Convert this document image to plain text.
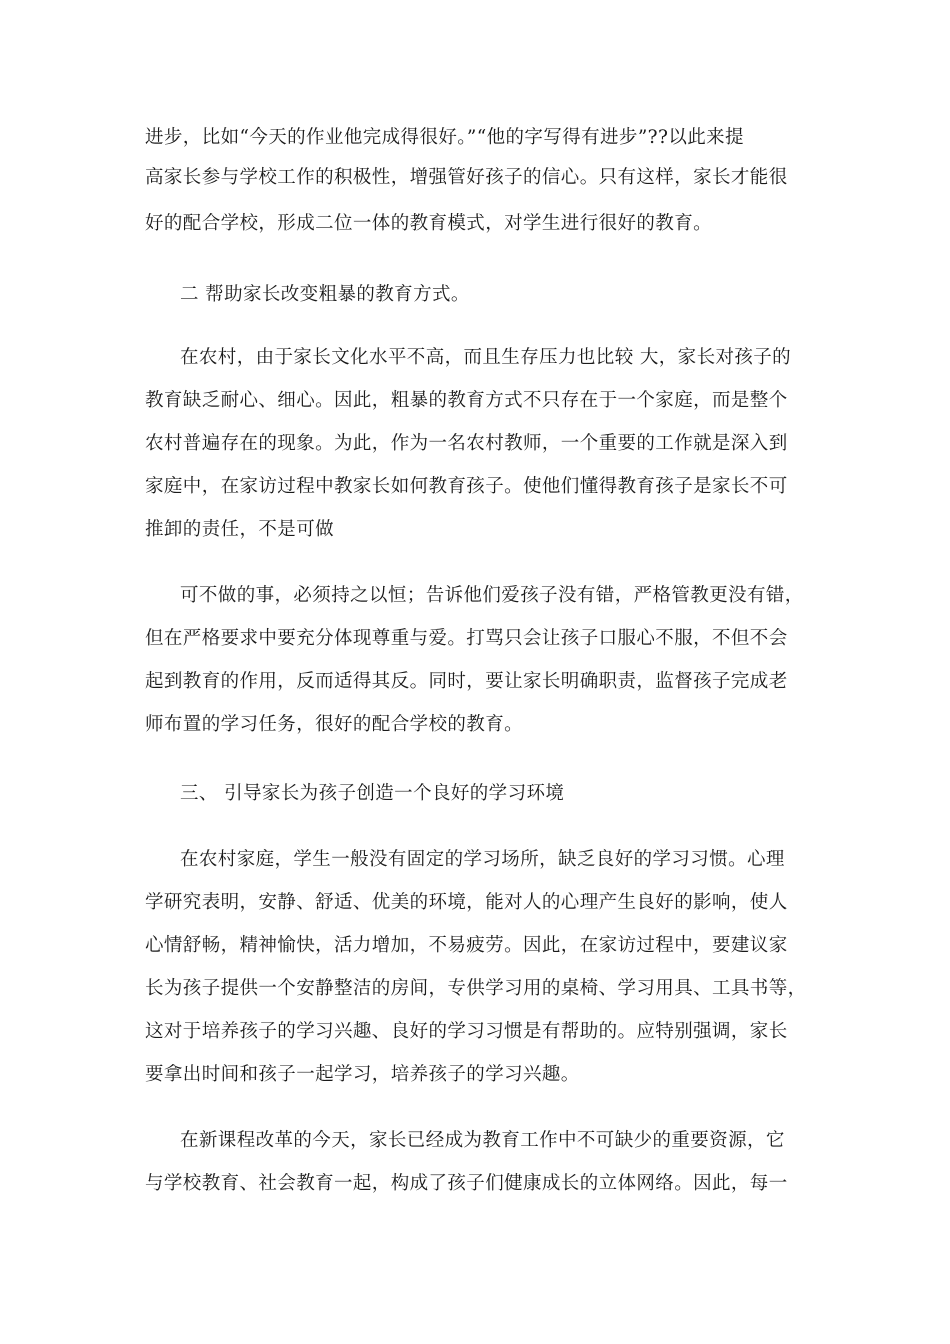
进步，比如“今天的作业他完成得很好。”“他的字写得有进步”??以此来提
高家长参与学校工作的积极性，增强管好孩子的信心。只有这样，家长才能很
好的配合学校，形成二位一体的教育模式，对学生进行很好的教育。
二 帮助家长改变粗暴的教育方式。
在农村，由于家长文化水平不高，而且生存压力也比较 大，家长对孩子的
教育缺乏耐心、细心。因此，粗暴的教育方式不只存在于一个家庭，而是整个
农村普遍存在的现象。为此，作为一名农村教师，一个重要的工作就是深入到
家庭中，在家访过程中教家长如何教育孩子。使他们懂得教育孩子是家长不可
推卸的责任，不是可做
可不做的事，必须持之以恒；告诉他们爱孩子没有错，严格管教更没有错，
但在严格要求中要充分体现尊重与爱。打骂只会让孩子口服心不服，不但不会
起到教育的作用，反而适得其反。同时，要让家长明确职责，监督孩子完成老
师布置的学习任务，很好的配合学校的教育。
三、 引导家长为孩子创造一个良好的学习环境
在农村家庭，学生一般没有固定的学习场所，缺乏良好的学习习惯。心理
学研究表明，安静、舒适、优美的环境，能对人的心理产生良好的影响，使人
心情舒畅，精神愉快，活力增加，不易疲劳。因此，在家访过程中，要建议家
长为孩子提供一个安静整洁的房间，专供学习用的桌椅、学习用具、工具书等，
这对于培养孩子的学习兴趣、良好的学习习惯是有帮助的。应特别强调，家长
要拿出时间和孩子一起学习，培养孩子的学习兴趣。
在新课程改革的今天，家长已经成为教育工作中不可缺少的重要资源，它
与学校教育、社会教育一起，构成了孩子们健康成长的立体网络。因此，每一
